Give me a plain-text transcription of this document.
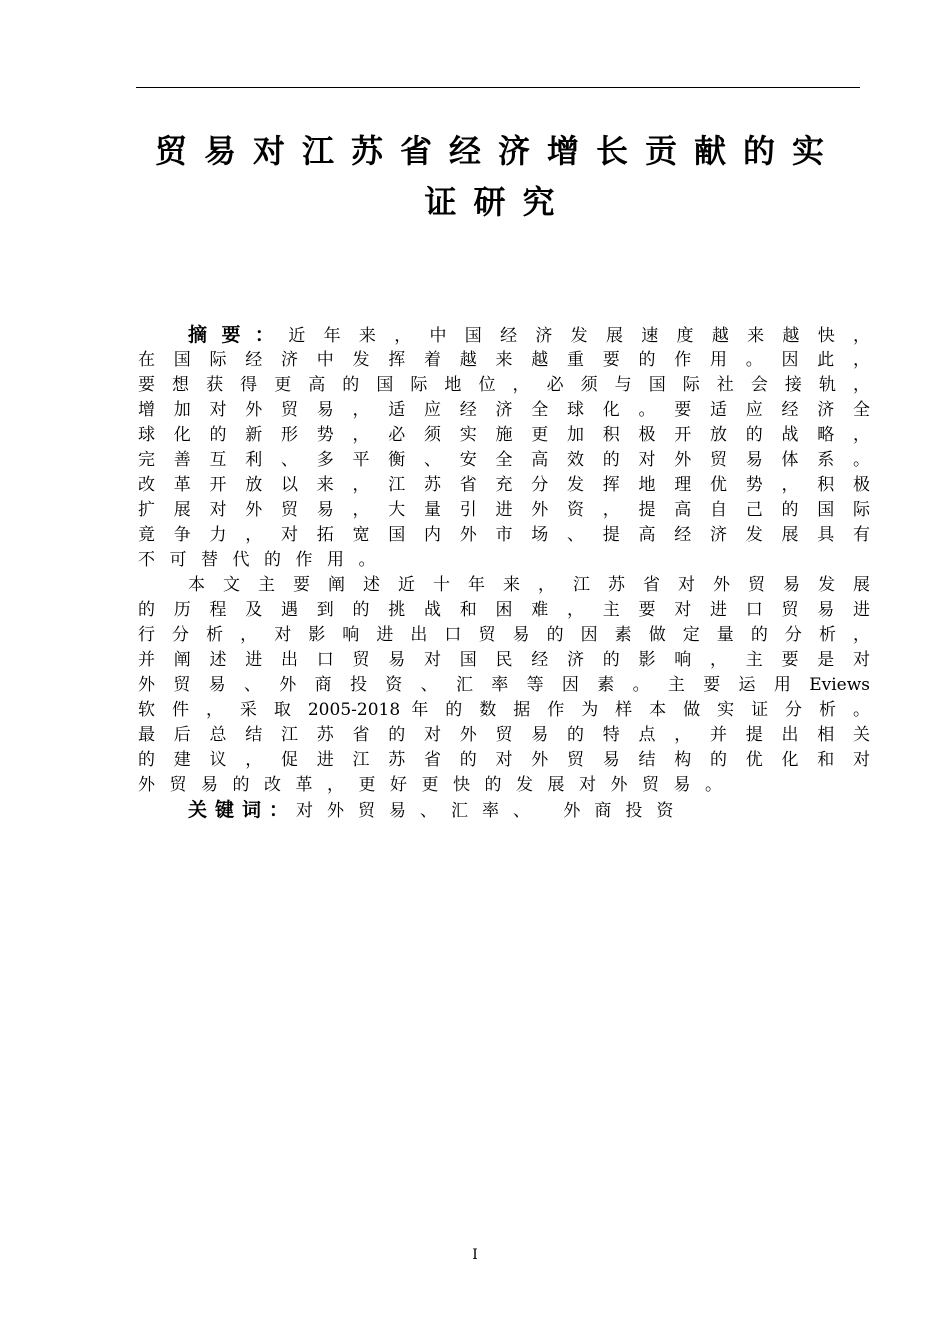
贸易对江苏省经济增长贡献的实
证研究
摘要：近 年 来 ， 中 国 经 济 发 展 速 度 越 来 越 快 ，
在 国 际 经 济 中 发 挥 着 越 来 越 重 要 的 作 用 。 因 此 ，
要 想 获 得 更 高 的 国 际 地 位 ， 必 须 与 国 际 社 会 接 轨 ，
增 加 对 外 贸 易 ， 适 应 经 济 全 球 化 。 要 适 应 经 济 全
球 化 的 新 形 势 ， 必 须 实 施 更 加 积 极 开 放 的 战 略 ，
完 善 互 利 、 多 平 衡 、 安 全 高 效 的 对 外 贸 易 体 系 。
改 革 开 放 以 来 ， 江 苏 省 充 分 发 挥 地 理 优 势 ， 积 极
扩 展 对 外 贸 易 ， 大 量 引 进 外 资 ， 提 高 自 己 的 国 际
竟 争 力 ， 对 拓 宽 国 内 外 市 场 、 提 高 经 济 发 展 具 有
不可替代的作用。
本 文 主 要 阐 述 近 十 年 来 ， 江 苏 省 对 外 贸 易 发 展
的 历 程 及 遇 到 的 挑 战 和 困 难 ， 主 要 对 进 口 贸 易 进
行 分 析 ， 对 影 响 进 出 口 贸 易 的 因 素 做 定 量 的 分 析 ，
并 阐 述 进 出 口 贸 易 对 国 民 经 济 的 影 响 ， 主 要 是 对
外 贸 易 、 外 商 投 资 、 汇 率 等 因 素 。 主 要 运 用 Eviews
软 件 ， 采 取 2005-2018 年 的 数 据 作 为 样 本 做 实 证 分 析 。
最 后 总 结 江 苏 省 的 对 外 贸 易 的 特 点 ， 并 提 出 相 关
的 建 议 ， 促 进 江 苏 省 的 对 外 贸 易 结 构 的 优 化 和 对
外贸易的改革，更好更快的发展对外贸易。
关键词：对外贸易、汇率、 外商投资
I
